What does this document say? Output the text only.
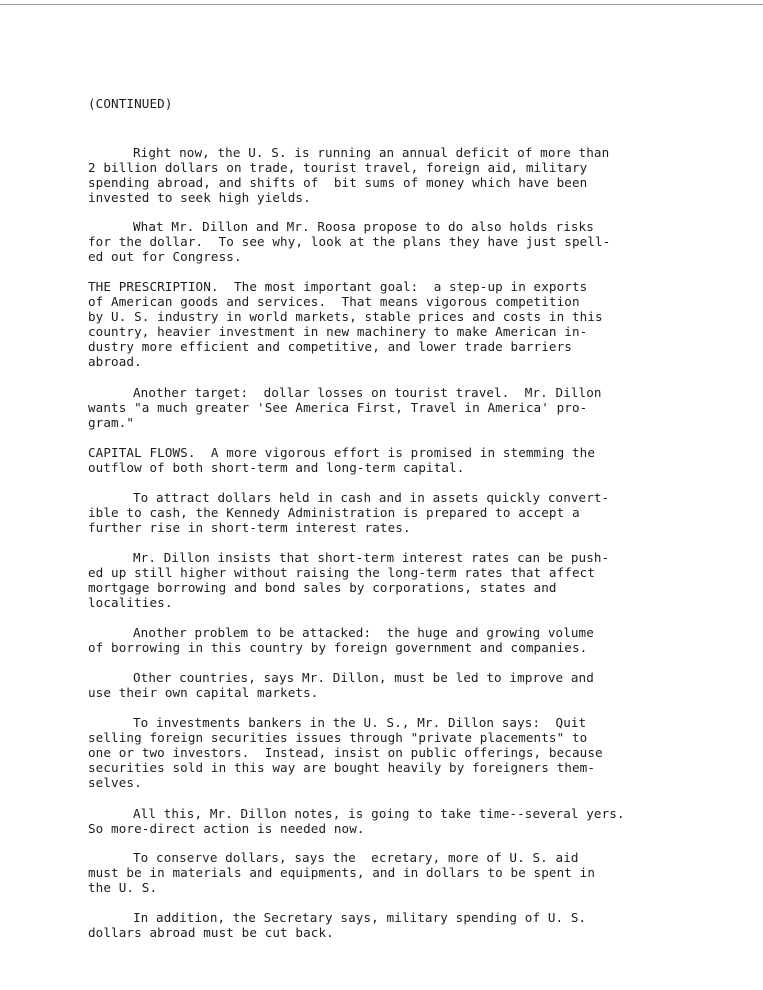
(CONTINUED)
Right now, the U. S. is running an annual deficit of more than
2 billion dollars on trade, tourist travel, foreign aid, military
spending abroad, and shifts of  bit sums of money which have been
invested to seek high yields.
What Mr. Dillon and Mr. Roosa propose to do also holds risks
for the dollar.  To see why, look at the plans they have just spell-
ed out for Congress.
THE PRESCRIPTION.  The most important goal:  a step-up in exports
of American goods and services.  That means vigorous competition
by U. S. industry in world markets, stable prices and costs in this
country, heavier investment in new machinery to make American in-
dustry more efficient and competitive, and lower trade barriers
abroad.
Another target:  dollar losses on tourist travel.  Mr. Dillon
wants "a much greater 'See America First, Travel in America' pro-
gram."
CAPITAL FLOWS.  A more vigorous effort is promised in stemming the
outflow of both short-term and long-term capital.
To attract dollars held in cash and in assets quickly convert-
ible to cash, the Kennedy Administration is prepared to accept a
further rise in short-term interest rates.
Mr. Dillon insists that short-term interest rates can be push-
ed up still higher without raising the long-term rates that affect
mortgage borrowing and bond sales by corporations, states and
localities.
Another problem to be attacked:  the huge and growing volume
of borrowing in this country by foreign government and companies.
Other countries, says Mr. Dillon, must be led to improve and
use their own capital markets.
To investments bankers in the U. S., Mr. Dillon says:  Quit
selling foreign securities issues through "private placements" to
one or two investors.  Instead, insist on public offerings, because
securities sold in this way are bought heavily by foreigners them-
selves.
All this, Mr. Dillon notes, is going to take time--several yers.
So more-direct action is needed now.
To conserve dollars, says the  ecretary, more of U. S. aid
must be in materials and equipments, and in dollars to be spent in
the U. S.
In addition, the Secretary says, military spending of U. S.
dollars abroad must be cut back.
